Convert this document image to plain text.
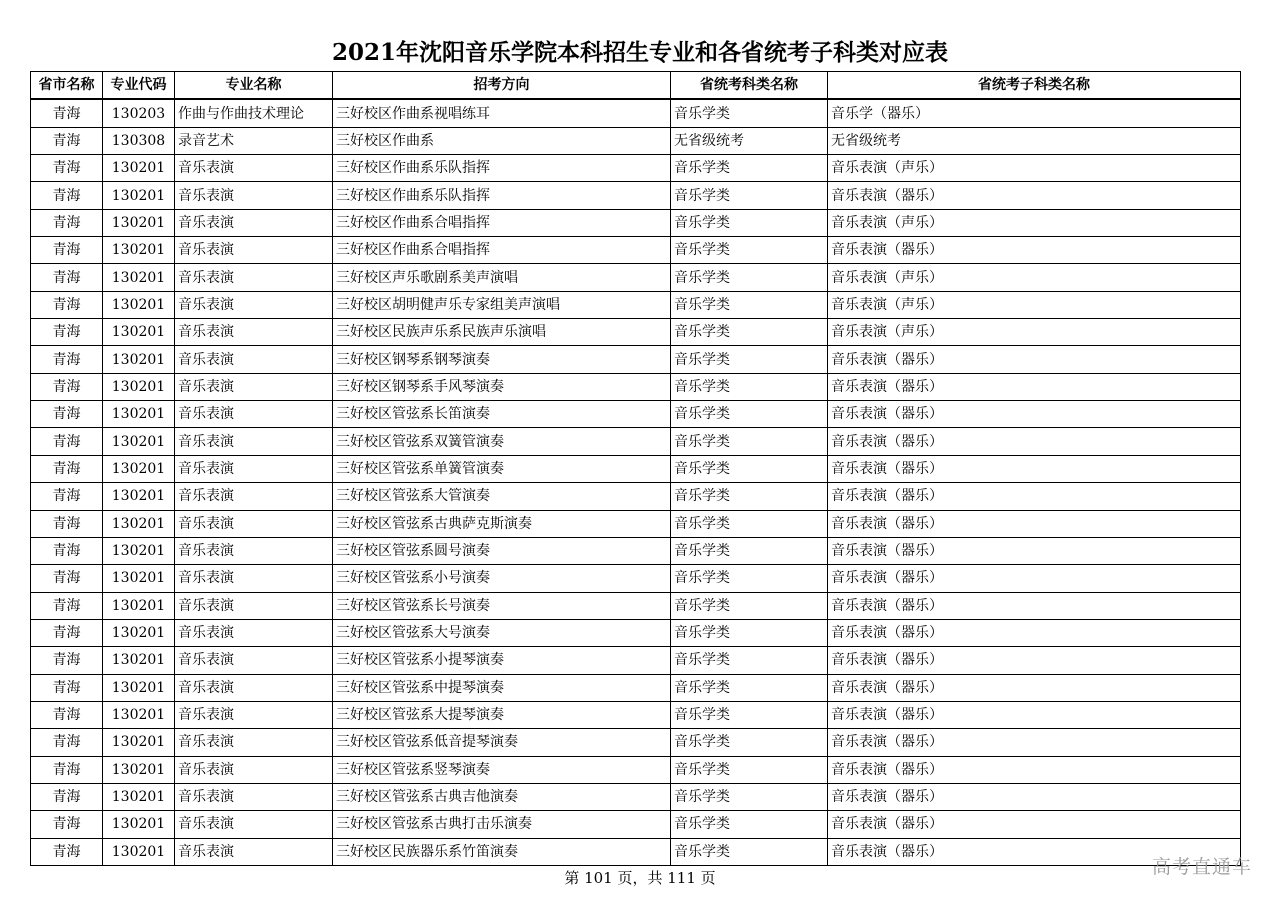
2021年沈阳音乐学院本科招生专业和各省统考子科类对应表
省市名称	专业代码	专业名称	招考方向	省统考科类名称	省统考子科类名称
青海	130203	作曲与作曲技术理论	三好校区作曲系视唱练耳	音乐学类	音乐学（器乐）
青海	130308	录音艺术	三好校区作曲系	无省级统考	无省级统考
青海	130201	音乐表演	三好校区作曲系乐队指挥	音乐学类	音乐表演（声乐）
青海	130201	音乐表演	三好校区作曲系乐队指挥	音乐学类	音乐表演（器乐）
青海	130201	音乐表演	三好校区作曲系合唱指挥	音乐学类	音乐表演（声乐）
青海	130201	音乐表演	三好校区作曲系合唱指挥	音乐学类	音乐表演（器乐）
青海	130201	音乐表演	三好校区声乐歌剧系美声演唱	音乐学类	音乐表演（声乐）
青海	130201	音乐表演	三好校区胡明健声乐专家组美声演唱	音乐学类	音乐表演（声乐）
青海	130201	音乐表演	三好校区民族声乐系民族声乐演唱	音乐学类	音乐表演（声乐）
青海	130201	音乐表演	三好校区钢琴系钢琴演奏	音乐学类	音乐表演（器乐）
青海	130201	音乐表演	三好校区钢琴系手风琴演奏	音乐学类	音乐表演（器乐）
青海	130201	音乐表演	三好校区管弦系长笛演奏	音乐学类	音乐表演（器乐）
青海	130201	音乐表演	三好校区管弦系双簧管演奏	音乐学类	音乐表演（器乐）
青海	130201	音乐表演	三好校区管弦系单簧管演奏	音乐学类	音乐表演（器乐）
青海	130201	音乐表演	三好校区管弦系大管演奏	音乐学类	音乐表演（器乐）
青海	130201	音乐表演	三好校区管弦系古典萨克斯演奏	音乐学类	音乐表演（器乐）
青海	130201	音乐表演	三好校区管弦系圆号演奏	音乐学类	音乐表演（器乐）
青海	130201	音乐表演	三好校区管弦系小号演奏	音乐学类	音乐表演（器乐）
青海	130201	音乐表演	三好校区管弦系长号演奏	音乐学类	音乐表演（器乐）
青海	130201	音乐表演	三好校区管弦系大号演奏	音乐学类	音乐表演（器乐）
青海	130201	音乐表演	三好校区管弦系小提琴演奏	音乐学类	音乐表演（器乐）
青海	130201	音乐表演	三好校区管弦系中提琴演奏	音乐学类	音乐表演（器乐）
青海	130201	音乐表演	三好校区管弦系大提琴演奏	音乐学类	音乐表演（器乐）
青海	130201	音乐表演	三好校区管弦系低音提琴演奏	音乐学类	音乐表演（器乐）
青海	130201	音乐表演	三好校区管弦系竖琴演奏	音乐学类	音乐表演（器乐）
青海	130201	音乐表演	三好校区管弦系古典吉他演奏	音乐学类	音乐表演（器乐）
青海	130201	音乐表演	三好校区管弦系古典打击乐演奏	音乐学类	音乐表演（器乐）
青海	130201	音乐表演	三好校区民族器乐系竹笛演奏	音乐学类	音乐表演（器乐）
第 101 页，共 111 页	高考直通车
